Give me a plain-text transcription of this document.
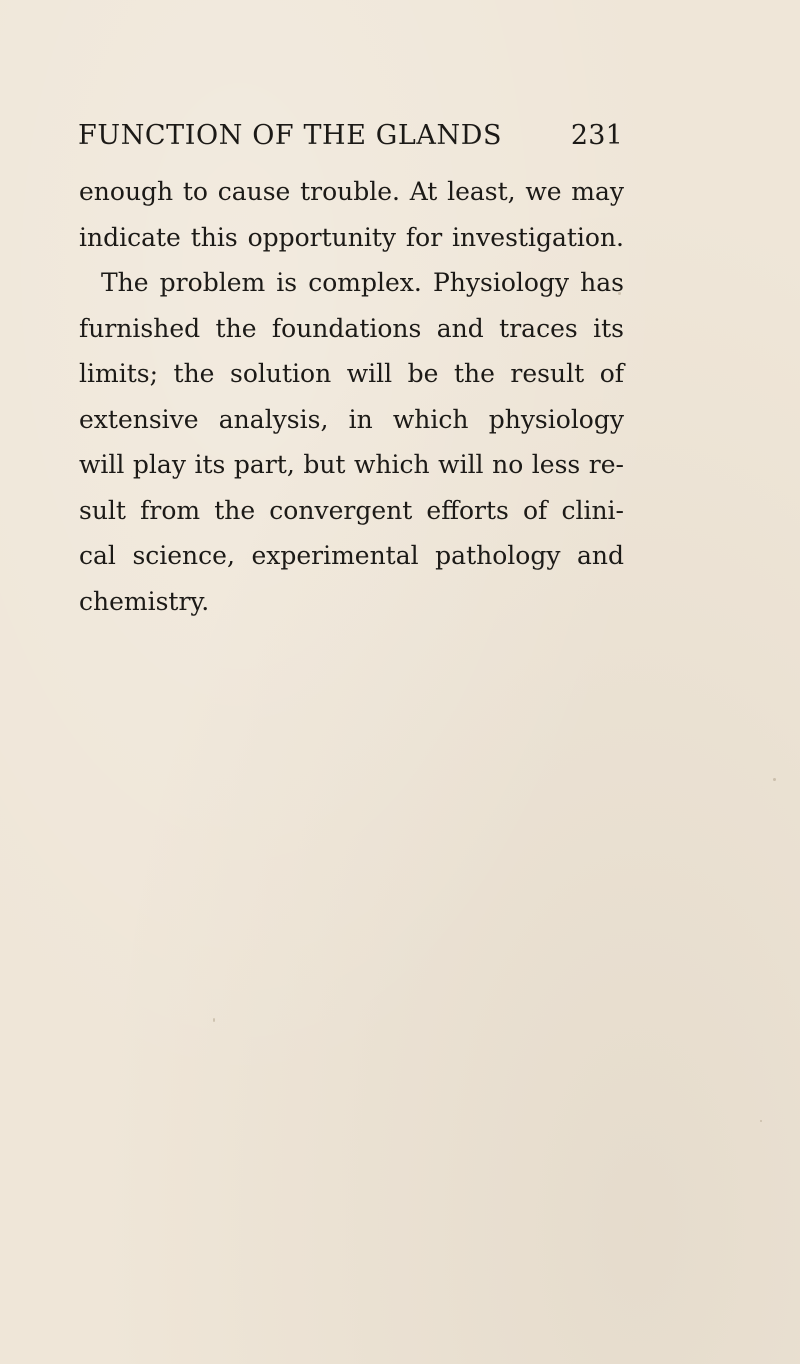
FUNCTION OF THE GLANDS	231
enough to cause trouble. At least, we may
indicate this opportunity for investigation.
The problem is complex. Physiology has
furnished the foundations and traces its
limits; the solution will be the result of
extensive analysis, in which physiology
will play its part, but which will no less re-
sult from the convergent efforts of clini-
cal science, experimental pathology and
chemistry.
